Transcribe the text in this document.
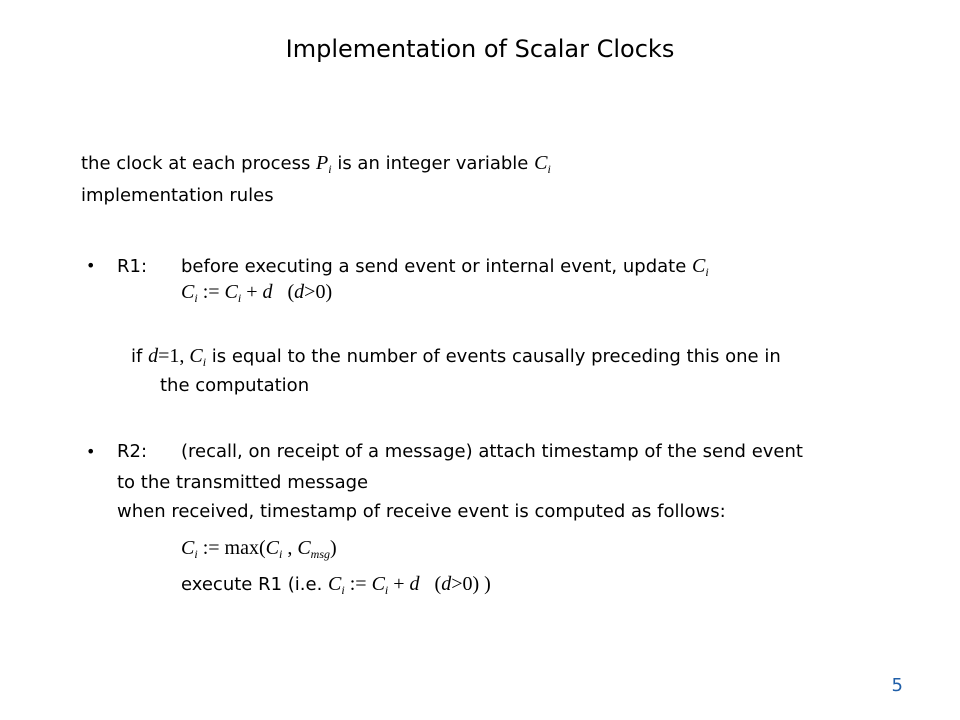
Implementation of Scalar Clocks
the clock at each process $P_i$ is an integer variable $C_i$
implementation rules
• R1: before executing a send event or internal event, update $C_i$
$C_i$ := $C_i + d$   (d>0)
if d=1, $C_i$ is equal to the number of events causally preceding this one in
the computation
• R2: (recall, on receipt of a message) attach timestamp of the send event
to the transmitted message
when received, timestamp of receive event is computed as follows:
$C_i$ := $\max(C_i$ , $C_{msg}$)
execute R1 (i.e. $C_i$ := $C_i + d$   (d>0) )
5
